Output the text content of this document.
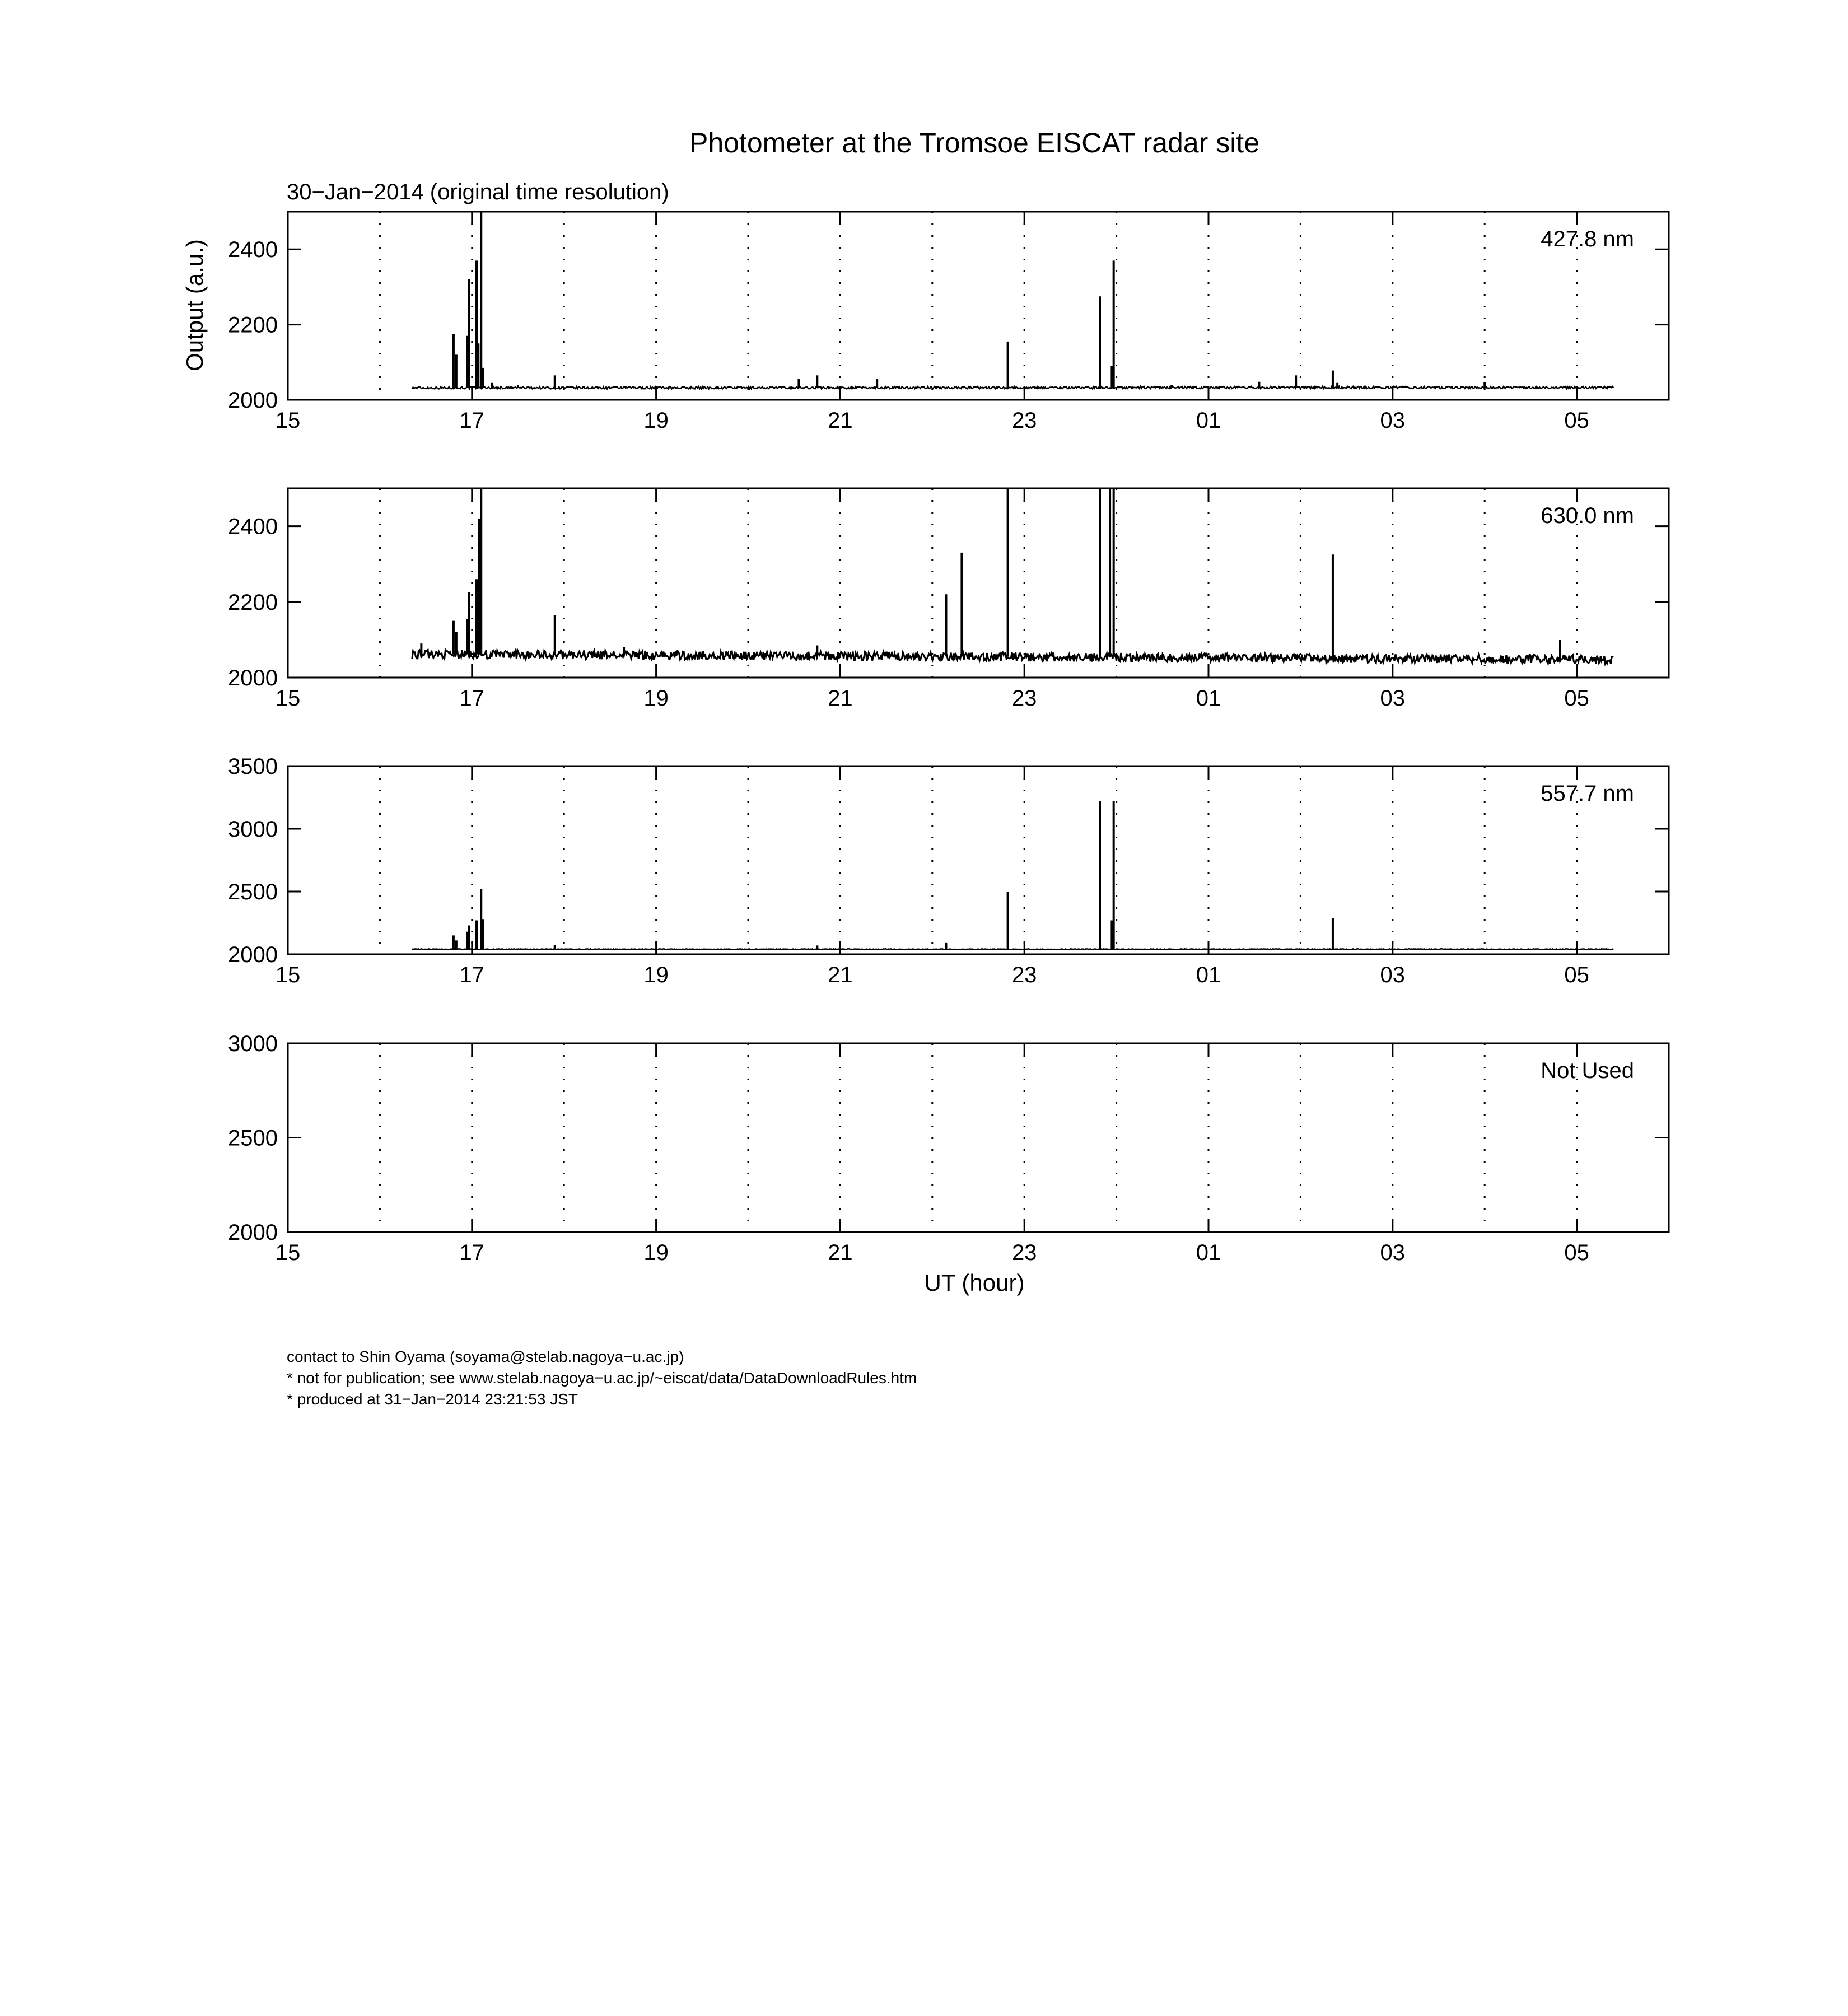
Photometer at the Tromsoe EISCAT radar site
30−Jan−2014 (original time resolution)
Output (a.u.)
2000
2200
2400
15	17	19	21	23	01	03	05
427.8 nm
2000
2200
2400
15	17	19	21	23	01	03	05
630.0 nm
2000
2500
3000
3500
15	17	19	21	23	01	03	05
557.7 nm
2000
2500
3000
15	17	19	21	23	01	03	05
Not Used
UT (hour)
contact to Shin Oyama (soyama@stelab.nagoya−u.ac.jp)
* not for publication; see www.stelab.nagoya−u.ac.jp/~eiscat/data/DataDownloadRules.htm
* produced at 31−Jan−2014 23:21:53 JST
